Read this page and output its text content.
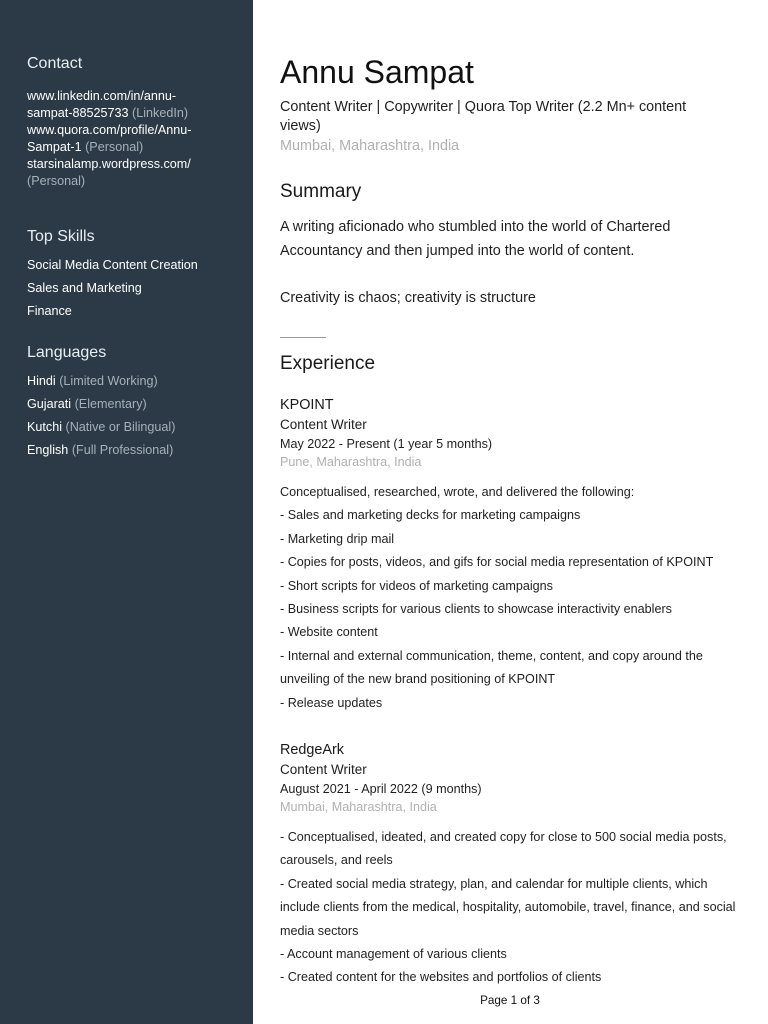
Contact
www.linkedin.com/in/annu-
sampat-88525733 (LinkedIn)
www.quora.com/profile/Annu-
Sampat-1 (Personal)
starsinalamp.wordpress.com/
(Personal)
Top Skills
Social Media Content Creation
Sales and Marketing
Finance
Languages
Hindi (Limited Working)
Gujarati (Elementary)
Kutchi (Native or Bilingual)
English (Full Professional)
Annu Sampat
Content Writer | Copywriter | Quora Top Writer (2.2 Mn+ content views)
Mumbai, Maharashtra, India
Summary

A writing aficionado who stumbled into the world of Chartered Accountancy and then jumped into the world of content.

Creativity is chaos; creativity is structure

Experience
KPOINT
Content Writer
May 2022 - Present (1 year 5 months)
Pune, Maharashtra, India
Conceptualised, researched, wrote, and delivered the following:
- Sales and marketing decks for marketing campaigns
- Marketing drip mail
- Copies for posts, videos, and gifs for social media representation of KPOINT
- Short scripts for videos of marketing campaigns
- Business scripts for various clients to showcase interactivity enablers
- Website content
- Internal and external communication, theme, content, and copy around the unveiling of the new brand positioning of KPOINT
- Release updates
RedgeArk
Content Writer
August 2021 - April 2022 (9 months)
Mumbai, Maharashtra, India
- Conceptualised, ideated, and created copy for close to 500 social media posts, carousels, and reels
- Created social media strategy, plan, and calendar for multiple clients, which include clients from the medical, hospitality, automobile, travel, finance, and social media sectors
- Account management of various clients
- Created content for the websites and portfolios of clients
Page 1 of 3
